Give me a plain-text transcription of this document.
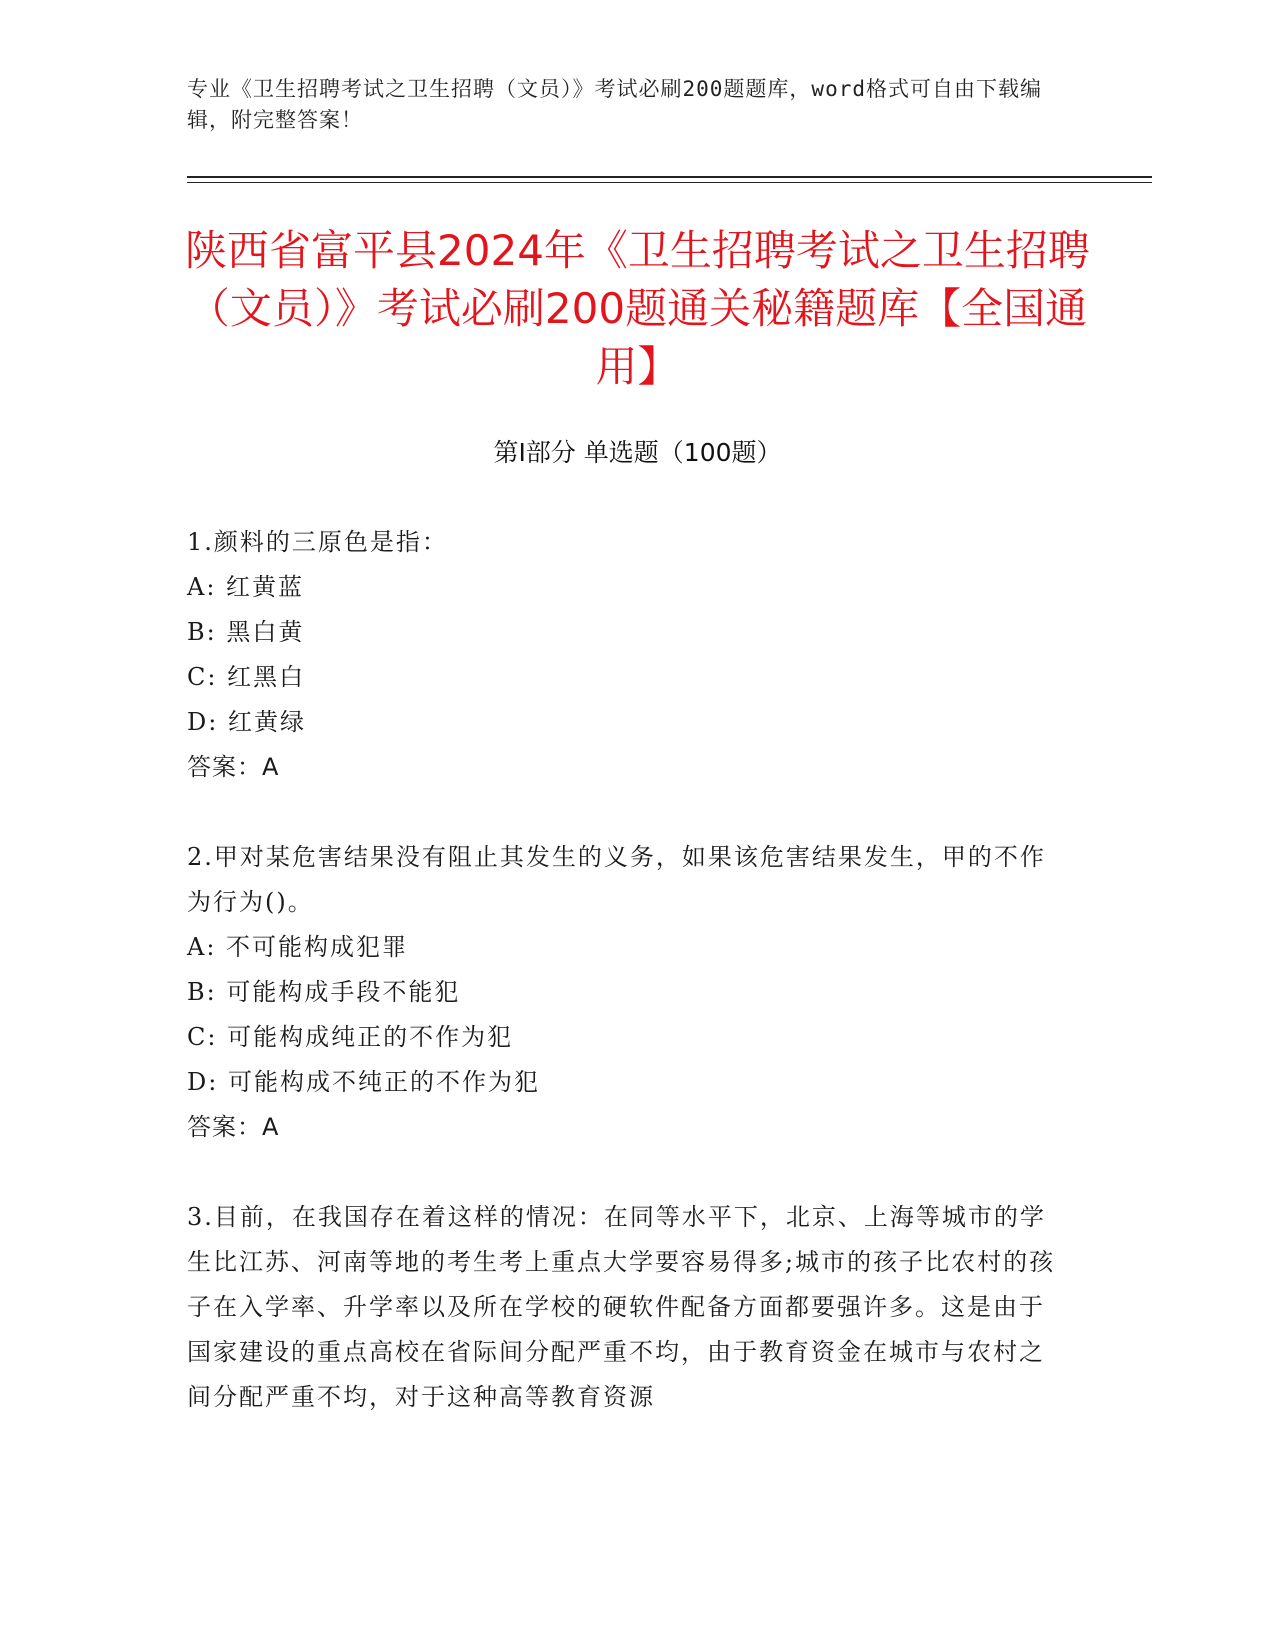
专业《卫生招聘考试之卫生招聘（文员）》考试必刷200题题库，word格式可自由下载编辑，附完整答案！
陕西省富平县2024年《卫生招聘考试之卫生招聘（文员）》考试必刷200题通关秘籍题库【全国通用】
第Ⅰ部分 单选题（100题）

1.颜料的三原色是指：

A: 红黄蓝

B: 黑白黄

C: 红黑白

D: 红黄绿

答案：A

2.甲对某危害结果没有阻止其发生的义务，如果该危害结果发生，甲的不作为行为()。

A: 不可能构成犯罪

B: 可能构成手段不能犯

C: 可能构成纯正的不作为犯

D: 可能构成不纯正的不作为犯

答案：A

3.目前，在我国存在着这样的情况：在同等水平下，北京、上海等城市的学生比江苏、河南等地的考生考上重点大学要容易得多;城市的孩子比农村的孩子在入学率、升学率以及所在学校的硬软件配备方面都要强许多。这是由于国家建设的重点高校在省际间分配严重不均，由于教育资金在城市与农村之间分配严重不均，对于这种高等教育资源
